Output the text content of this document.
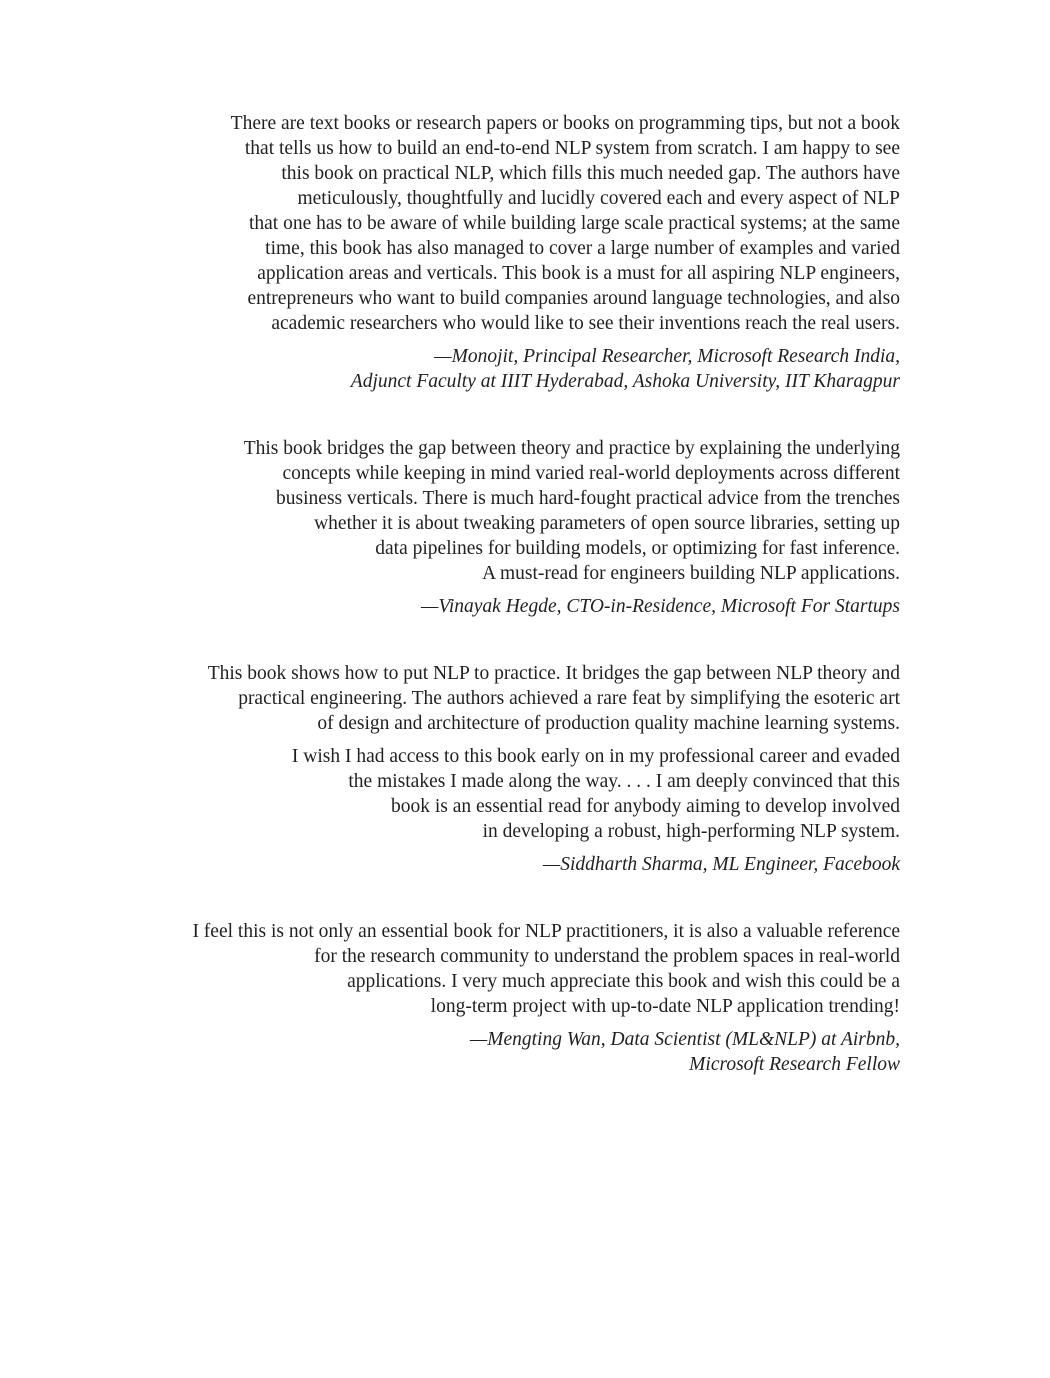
There are text books or research papers or books on programming tips, but not a book
that tells us how to build an end-to-end NLP system from scratch. I am happy to see
this book on practical NLP, which fills this much needed gap. The authors have
meticulously, thoughtfully and lucidly covered each and every aspect of NLP
that one has to be aware of while building large scale practical systems; at the same
time, this book has also managed to cover a large number of examples and varied
application areas and verticals. This book is a must for all aspiring NLP engineers,
entrepreneurs who want to build companies around language technologies, and also
academic researchers who would like to see their inventions reach the real users.
—Monojit, Principal Researcher, Microsoft Research India,
Adjunct Faculty at IIIT Hyderabad, Ashoka University, IIT Kharagpur
This book bridges the gap between theory and practice by explaining the underlying
concepts while keeping in mind varied real-world deployments across different
business verticals. There is much hard-fought practical advice from the trenches
whether it is about tweaking parameters of open source libraries, setting up
data pipelines for building models, or optimizing for fast inference.
A must-read for engineers building NLP applications.
—Vinayak Hegde, CTO-in-Residence, Microsoft For Startups
This book shows how to put NLP to practice. It bridges the gap between NLP theory and
practical engineering. The authors achieved a rare feat by simplifying the esoteric art
of design and architecture of production quality machine learning systems.
I wish I had access to this book early on in my professional career and evaded
the mistakes I made along the way. . . . I am deeply convinced that this
book is an essential read for anybody aiming to develop involved
in developing a robust, high-performing NLP system.
—Siddharth Sharma, ML Engineer, Facebook
I feel this is not only an essential book for NLP practitioners, it is also a valuable reference
for the research community to understand the problem spaces in real-world
applications. I very much appreciate this book and wish this could be a
long-term project with up-to-date NLP application trending!
—Mengting Wan, Data Scientist (ML&NLP) at Airbnb,
Microsoft Research Fellow
